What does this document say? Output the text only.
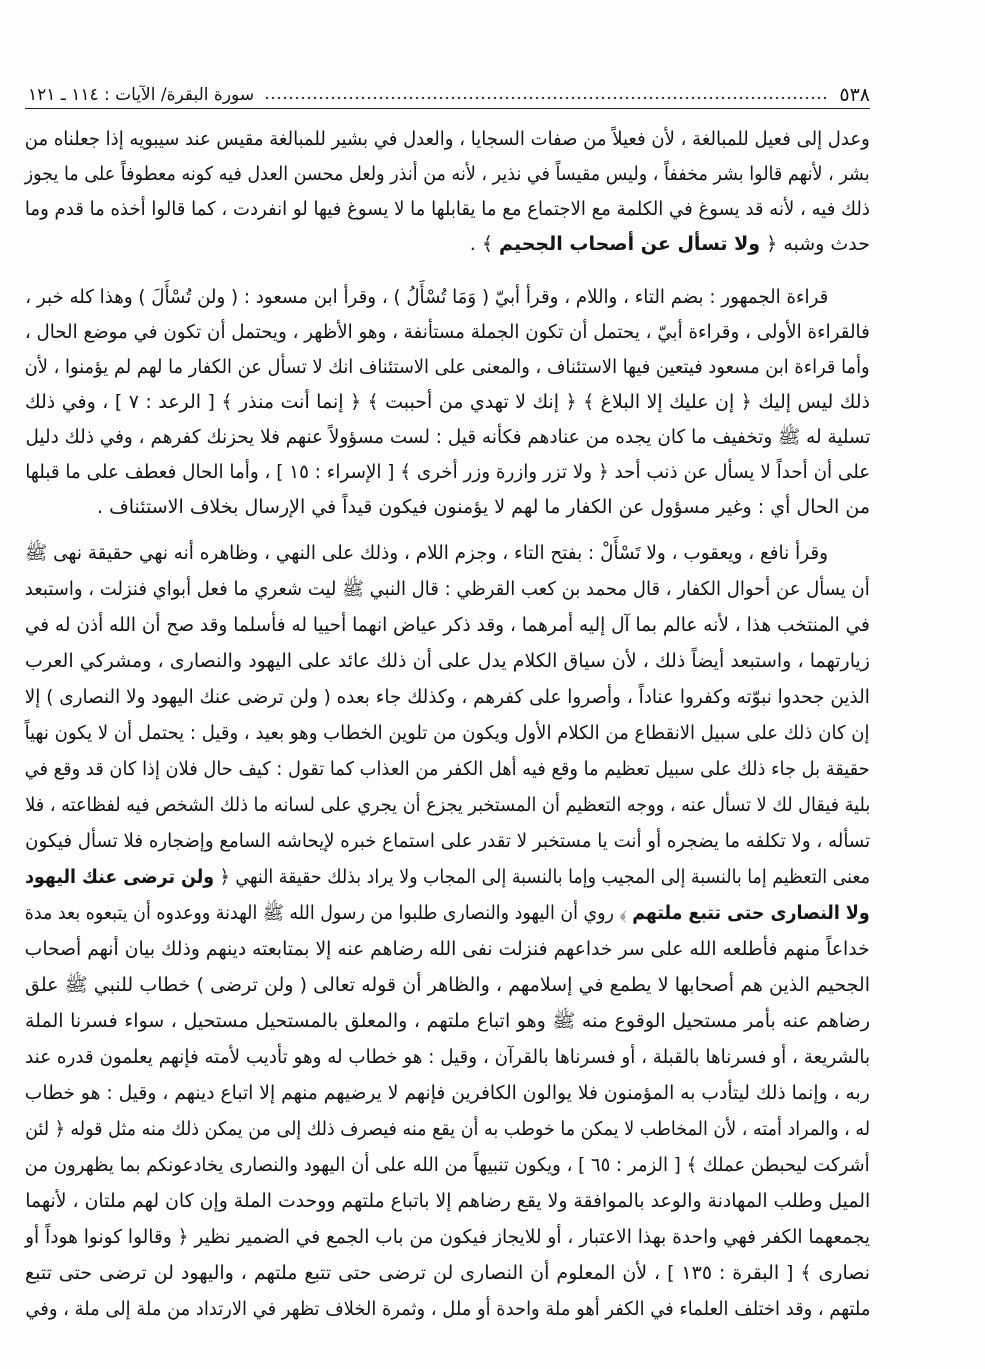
٥٣٨
سورة البقرة/ الآيات : ١١٤ ـ ١٢١
وعدل إلى فعيل للمبالغة ، لأن فعيلاً من صفات السجايا ، والعدل في بشير للمبالغة مقيس عند سيبويه إذا جعلناه من
بشر ، لأنهم قالوا بشر مخففاً ، وليس مقيساً في نذير ، لأنه من أنذر ولعل محسن العدل فيه كونه معطوفاً على ما يجوز
ذلك فيه ، لأنه قد يسوغ في الكلمة مع الاجتماع مع ما يقابلها ما لا يسوغ فيها لو انفردت ، كما قالوا أخذه ما قدم وما
حدث وشبه ﴿ ولا تسأل عن أصحاب الجحيم ﴾ .
قراءة الجمهور : بضم التاء ، واللام ، وقرأ أبيّ ( وَمَا تُسْأَلُ ) ، وقرأ ابن مسعود : ( ولن تُسْأَلَ ) وهذا كله خبر ،
فالقراءة الأولى ، وقراءة أبيّ ، يحتمل أن تكون الجملة مستأنفة ، وهو الأظهر ، ويحتمل أن تكون في موضع الحال ،
وأما قراءة ابن مسعود فيتعين فيها الاستئناف ، والمعنى على الاستئناف انك لا تسأل عن الكفار ما لهم لم يؤمنوا ، لأن
ذلك ليس إليك ﴿ إن عليك إلا البلاغ ﴾ ﴿ إنك لا تهدي من أحببت ﴾ ﴿ إنما أنت منذر ﴾ [ الرعد : ٧ ] ، وفي ذلك
تسلية له ﷺ وتخفيف ما كان يجده من عنادهم فكأنه قيل : لست مسؤولاً عنهم فلا يحزنك كفرهم ، وفي ذلك دليل
على أن أحداً لا يسأل عن ذنب أحد ﴿ ولا تزر وازرة وزر أخرى ﴾ [ الإسراء : ١٥ ] ، وأما الحال فعطف على ما قبلها
من الحال أي : وغير مسؤول عن الكفار ما لهم لا يؤمنون فيكون قيداً في الإرسال بخلاف الاستئناف .
وقرأ نافع ، ويعقوب ، ولا تَسْأَلْ : بفتح التاء ، وجزم اللام ، وذلك على النهي ، وظاهره أنه نهي حقيقة نهى ﷺ
أن يسأل عن أحوال الكفار ، قال محمد بن كعب القرظي : قال النبي ﷺ ليت شعري ما فعل أبواي فنزلت ، واستبعد
في المنتخب هذا ، لأنه عالم بما آل إليه أمرهما ، وقد ذكر عياض انهما أحييا له فأسلما وقد صح أن الله أذن له في
زيارتهما ، واستبعد أيضاً ذلك ، لأن سياق الكلام يدل على أن ذلك عائد على اليهود والنصارى ، ومشركي العرب
الذين جحدوا نبوّته وكفروا عناداً ، وأصروا على كفرهم ، وكذلك جاء بعده ( ولن ترضى عنك اليهود ولا النصارى ) إلا
إن كان ذلك على سبيل الانقطاع من الكلام الأول ويكون من تلوين الخطاب وهو بعيد ، وقيل : يحتمل أن لا يكون نهياً
حقيقة بل جاء ذلك على سبيل تعظيم ما وقع فيه أهل الكفر من العذاب كما تقول : كيف حال فلان إذا كان قد وقع في
بلية فيقال لك لا تسأل عنه ، ووجه التعظيم أن المستخبر يجزع أن يجري على لسانه ما ذلك الشخص فيه لفظاعته ، فلا
تسأله ، ولا تكلفه ما يضجره أو أنت يا مستخبر لا تقدر على استماع خبره لإيحاشه السامع وإضجاره فلا تسأل فيكون
معنى التعظيم إما بالنسبة إلى المجيب وإما بالنسبة إلى المجاب ولا يراد بذلك حقيقة النهي ﴿ ولن ترضى عنك اليهود
ولا النصارى حتى تتبع ملتهم ﴾ روي أن اليهود والنصارى طلبوا من رسول الله ﷺ الهدنة ووعدوه أن يتبعوه بعد مدة
خداعاً منهم فأطلعه الله على سر خداعهم فنزلت نفى الله رضاهم عنه إلا بمتابعته دينهم وذلك بيان أنهم أصحاب
الجحيم الذين هم أصحابها لا يطمع في إسلامهم ، والظاهر أن قوله تعالى ( ولن ترضى ) خطاب للنبي ﷺ علق
رضاهم عنه بأمر مستحيل الوقوع منه ﷺ وهو اتباع ملتهم ، والمعلق بالمستحيل مستحيل ، سواء فسرنا الملة
بالشريعة ، أو فسرناها بالقبلة ، أو فسرناها بالقرآن ، وقيل : هو خطاب له وهو تأديب لأمته فإنهم يعلمون قدره عند
ربه ، وإنما ذلك ليتأدب به المؤمنون فلا يوالون الكافرين فإنهم لا يرضيهم منهم إلا اتباع دينهم ، وقيل : هو خطاب
له ، والمراد أمته ، لأن المخاطب لا يمكن ما خوطب به أن يقع منه فيصرف ذلك إلى من يمكن ذلك منه مثل قوله ﴿ لئن
أشركت ليحبطن عملك ﴾ [ الزمر : ٦٥ ] ، ويكون تنبيهاً من الله على أن اليهود والنصارى يخادعونكم بما يظهرون من
الميل وطلب المهادنة والوعد بالموافقة ولا يقع رضاهم إلا باتباع ملتهم ووحدت الملة وإن كان لهم ملتان ، لأنهما
يجمعهما الكفر فهي واحدة بهذا الاعتبار ، أو للايجاز فيكون من باب الجمع في الضمير نظير ﴿ وقالوا كونوا هوداً أو
نصارى ﴾ [ البقرة : ١٣٥ ] ، لأن المعلوم أن النصارى لن ترضى حتى تتبع ملتهم ، واليهود لن ترضى حتى تتبع
ملتهم ، وقد اختلف العلماء في الكفر أهو ملة واحدة أو ملل ، وثمرة الخلاف تظهر في الارتداد من ملة إلى ملة ، وفي
